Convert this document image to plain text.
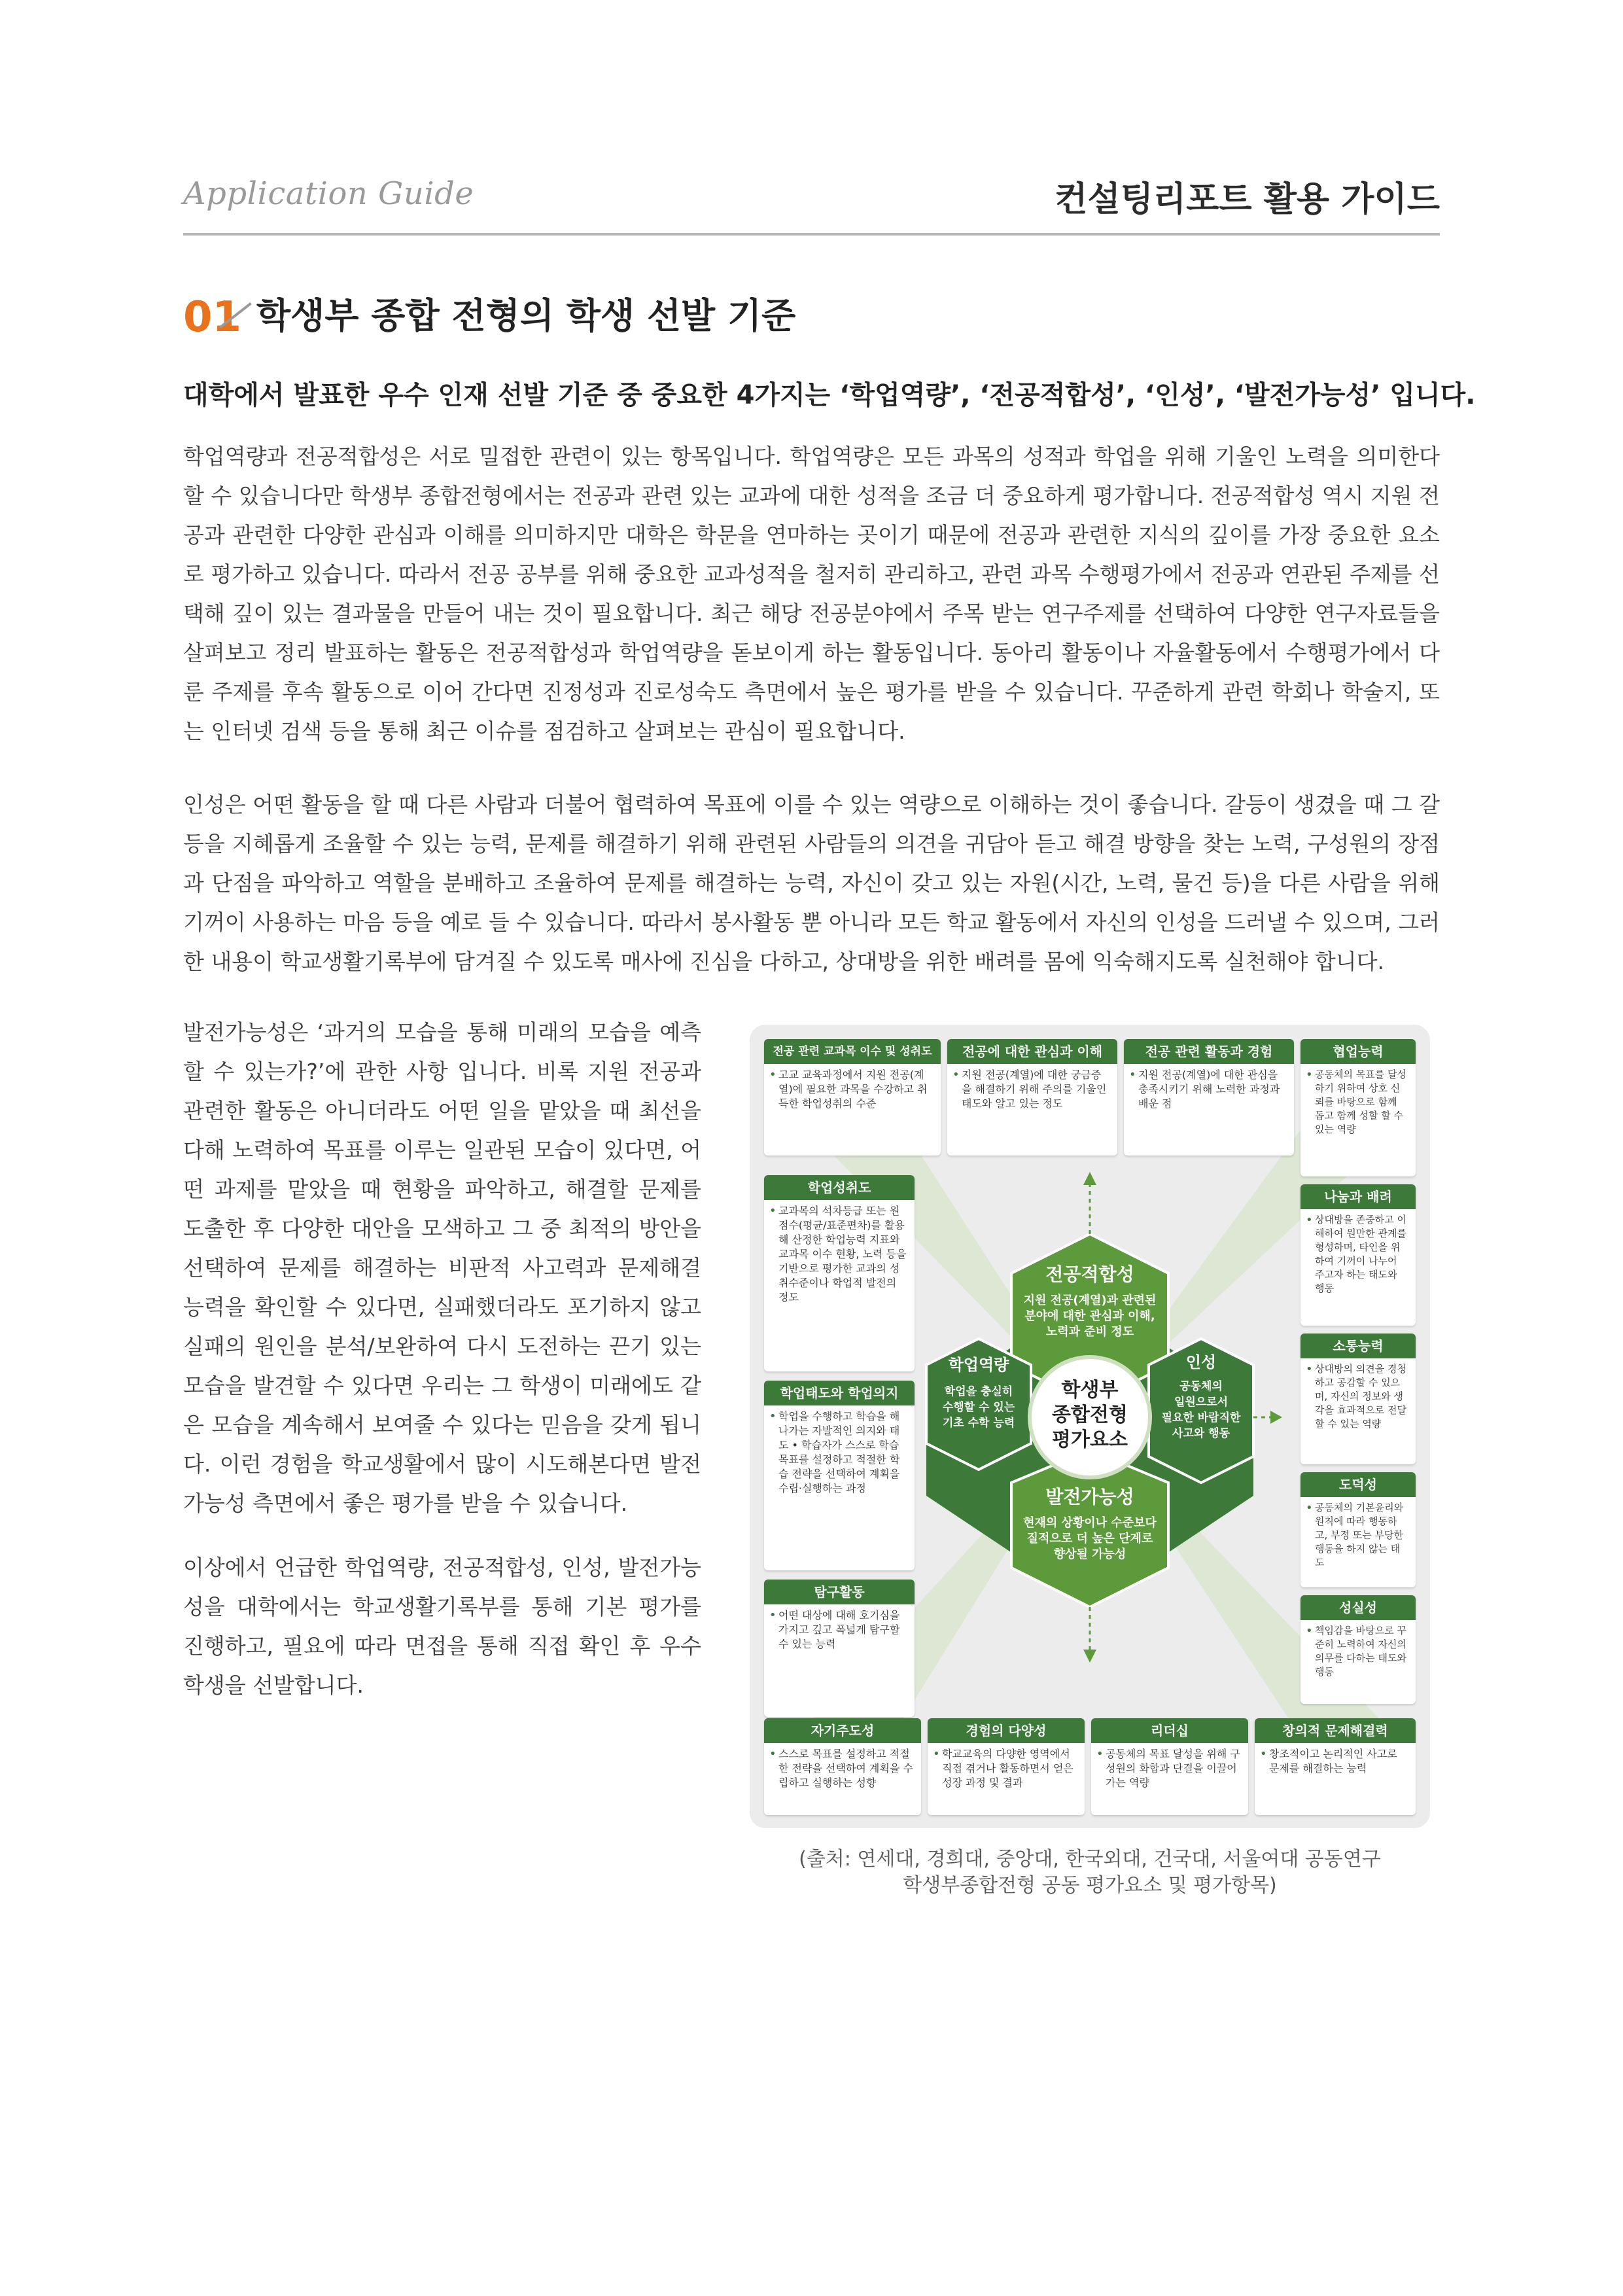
Application Guide	컨설팅리포트 활용 가이드
01 학생부 종합 전형의 학생 선발 기준
대학에서 발표한 우수 인재 선발 기준 중 중요한 4가지는 ‘학업역량’, ‘전공적합성’, ‘인성’, ‘발전가능성’ 입니다.
학업역량과 전공적합성은 서로 밀접한 관련이 있는 항목입니다. 학업역량은 모든 과목의 성적과 학업을 위해 기울인 노력을 의미한다 할 수 있습니다만 학생부 종합전형에서는 전공과 관련 있는 교과에 대한 성적을 조금 더 중요하게 평가합니다. 전공적합성 역시 지원 전공과 관련한 다양한 관심과 이해를 의미하지만 대학은 학문을 연마하는 곳이기 때문에 전공과 관련한 지식의 깊이를 가장 중요한 요소로 평가하고 있습니다. 따라서 전공 공부를 위해 중요한 교과성적을 철저히 관리하고, 관련 과목 수행평가에서 전공과 연관된 주제를 선택해 깊이 있는 결과물을 만들어 내는 것이 필요합니다. 최근 해당 전공분야에서 주목 받는 연구주제를 선택하여 다양한 연구자료들을 살펴보고 정리 발표하는 활동은 전공적합성과 학업역량을 돋보이게 하는 활동입니다. 동아리 활동이나 자율활동에서 수행평가에서 다룬 주제를 후속 활동으로 이어 간다면 진정성과 진로성숙도 측면에서 높은 평가를 받을 수 있습니다. 꾸준하게 관련 학회나 학술지, 또는 인터넷 검색 등을 통해 최근 이슈를 점검하고 살펴보는 관심이 필요합니다.
인성은 어떤 활동을 할 때 다른 사람과 더불어 협력하여 목표에 이를 수 있는 역량으로 이해하는 것이 좋습니다. 갈등이 생겼을 때 그 갈등을 지혜롭게 조율할 수 있는 능력, 문제를 해결하기 위해 관련된 사람들의 의견을 귀담아 듣고 해결 방향을 찾는 노력, 구성원의 장점과 단점을 파악하고 역할을 분배하고 조율하여 문제를 해결하는 능력, 자신이 갖고 있는 자원(시간, 노력, 물건 등)을 다른 사람을 위해 기꺼이 사용하는 마음 등을 예로 들 수 있습니다. 따라서 봉사활동 뿐 아니라 모든 학교 활동에서 자신의 인성을 드러낼 수 있으며, 그러한 내용이 학교생활기록부에 담겨질 수 있도록 매사에 진심을 다하고, 상대방을 위한 배려를 몸에 익숙해지도록 실천해야 합니다.
발전가능성은 ‘과거의 모습을 통해 미래의 모습을 예측할 수 있는가?’에 관한 사항 입니다. 비록 지원 전공과 관련한 활동은 아니더라도 어떤 일을 맡았을 때 최선을 다해 노력하여 목표를 이루는 일관된 모습이 있다면, 어떤 과제를 맡았을 때 현황을 파악하고, 해결할 문제를 도출한 후 다양한 대안을 모색하고 그 중 최적의 방안을 선택하여 문제를 해결하는 비판적 사고력과 문제해결 능력을 확인할 수 있다면, 실패했더라도 포기하지 않고 실패의 원인을 분석/보완하여 다시 도전하는 끈기 있는 모습을 발견할 수 있다면 우리는 그 학생이 미래에도 같은 모습을 계속해서 보여줄 수 있다는 믿음을 갖게 됩니다. 이런 경험을 학교생활에서 많이 시도해본다면 발전가능성 측면에서 좋은 평가를 받을 수 있습니다.
이상에서 언급한 학업역량, 전공적합성, 인성, 발전가능성을 대학에서는 학교생활기록부를 통해 기본 평가를 진행하고, 필요에 따라 면접을 통해 직접 확인 후 우수 학생을 선발합니다.
학생부
종합전형
평가요소
전공적합성
지원 전공(계열)과 관련된
분야에 대한 관심과 이해,
노력과 준비 정도
학업역량
학업을 충실히
수행할 수 있는
기초 수학 능력
인성
공동체의
일원으로서
필요한 바람직한
사고와 행동
발전가능성
현재의 상황이나 수준보다
질적으로 더 높은 단계로
향상될 가능성
전공 관련 교과목 이수 및 성취도
• 고교 교육과정에서 지원 전공(계열)에 필요한 과목을 수강하고 취득한 학업성취의 수준
전공에 대한 관심과 이해
• 지원 전공(계열)에 대한 궁금증을 해결하기 위해 주의를 기울인 태도와 알고 있는 정도
전공 관련 활동과 경험
• 지원 전공(계열)에 대한 관심을 충족시키기 위해 노력한 과정과 배운 점
학업성취도
• 교과목의 석차등급 또는 원점수(평균/표준편차)를 활용해 산정한 학업능력 지표와 교과목 이수 현황, 노력 등을 기반으로 평가한 교과의 성취수준이나 학업적 발전의 정도
학업태도와 학업의지
• 학업을 수행하고 학습을 해 나가는 자발적인 의지와 태도 • 학습자가 스스로 학습 목표를 설정하고 적절한 학습 전략을 선택하여 계획을 수립·실행하는 과정
탐구활동
• 어떤 대상에 대해 호기심을 가지고 깊고 폭넓게 탐구할 수 있는 능력
협업능력
• 공동체의 목표를 달성하기 위하여 상호 신뢰를 바탕으로 함께 돕고 함께 성할 할 수 있는 역량
나눔과 배려
• 상대방을 존중하고 이해하여 원만한 관계를 형성하며, 타인을 위하여 기꺼이 나누어 주고자 하는 태도와 행동
소통능력
• 상대방의 의견을 경청하고 공감할 수 있으며, 자신의 정보와 생각을 효과적으로 전달할 수 있는 역량
도덕성
• 공동체의 기본윤리와 원칙에 따라 행동하고, 부정 또는 부당한 행동을 하지 않는 태도
성실성
• 책임감을 바탕으로 꾸준히 노력하여 자신의 의무를 다하는 태도와 행동
자기주도성
• 스스로 목표를 설정하고 적절한 전략을 선택하여 계획을 수립하고 실행하는 성향
경험의 다양성
• 학교교육의 다양한 영역에서 직접 겪거나 활동하면서 얻은 성장 과정 및 결과
리더십
• 공동체의 목표 달성을 위해 구성원의 화합과 단결을 이끌어가는 역량
창의적 문제해결력
• 창조적이고 논리적인 사고로 문제를 해결하는 능력
(출처: 연세대, 경희대, 중앙대, 한국외대, 건국대, 서울여대 공동연구
학생부종합전형 공동 평가요소 및 평가항목)
